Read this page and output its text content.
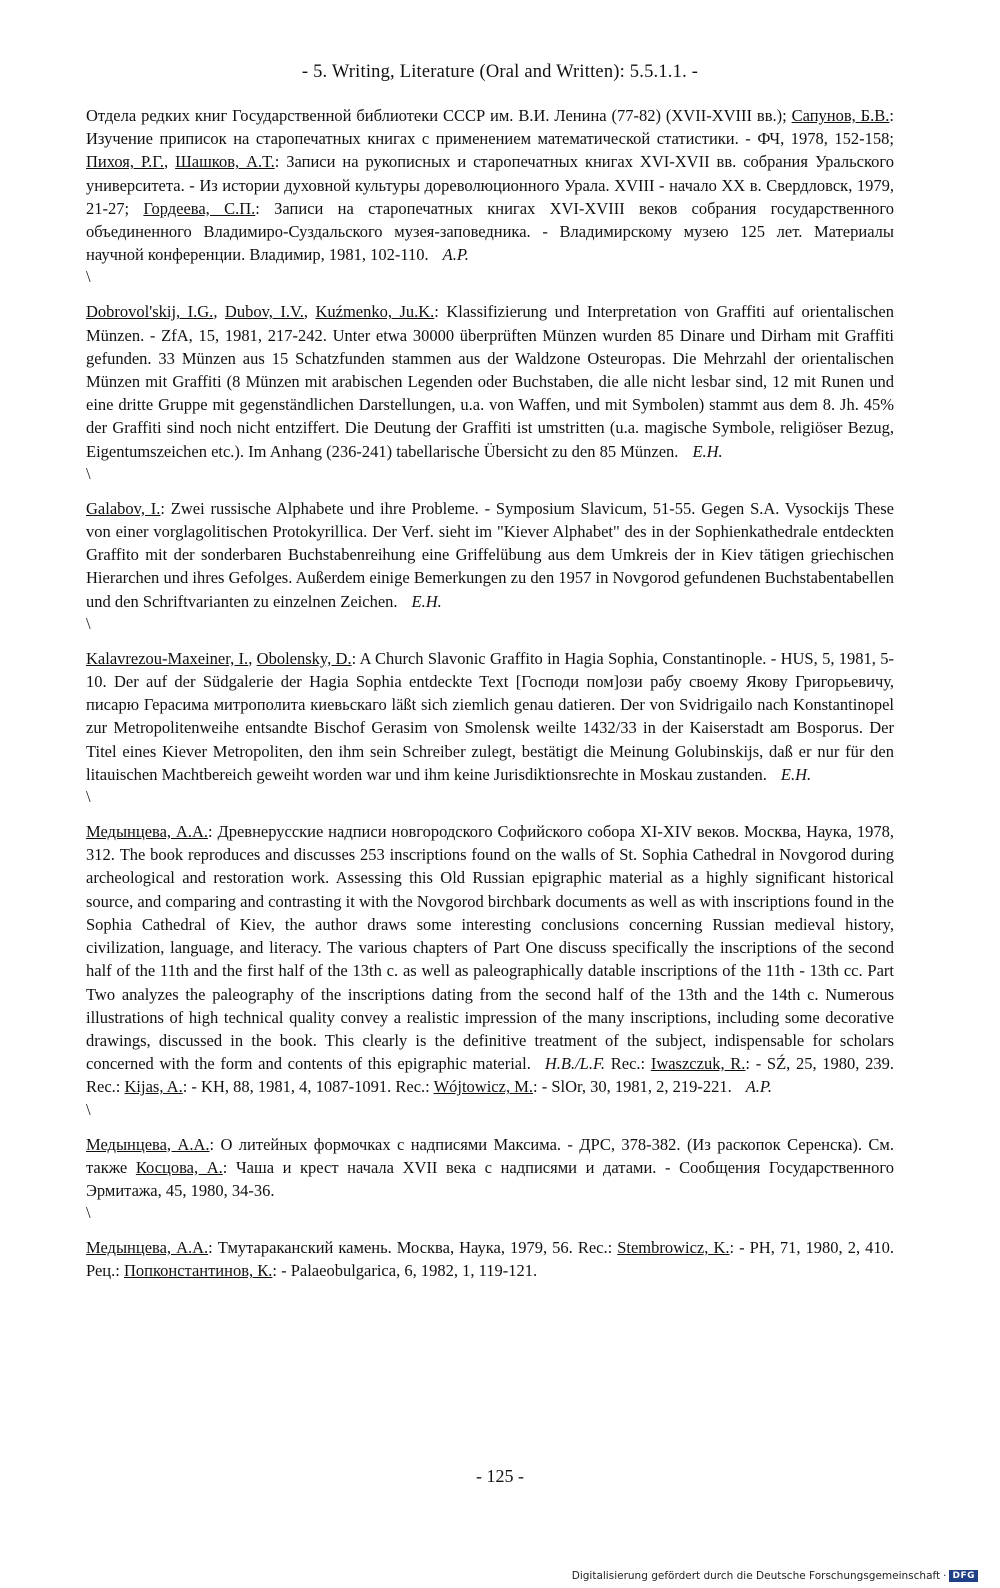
- 5. Writing, Literature (Oral and Written): 5.5.1.1. -

Отдела редких книг Государственной библиотеки СССР им. В.И. Ленина (77-82) (XVII-XVIII вв.); Сапунов, Б.В.: Изучение приписок на старопечатных книгах с применением математической статистики. - ФЧ, 1978, 152-158; Пихоя, Р.Г., Шашков, А.Т.: Записи на рукописных и старопечатных книгах XVI-XVII вв. собрания Уральского университета. - Из истории духовной культуры дореволюционного Урала. XVIII - начало XX в. Свердловск, 1979, 21-27; Гордеева, С.П.: Записи на старопечатных книгах XVI-XVIII веков собрания государственного объединенного Владимиро-Суздальского музея-заповедника. - Владимирскому музею 125 лет. Материалы научной конференции. Владимир, 1981, 102-110. A.P.

\

Dobrovol'skij, I.G., Dubov, I.V., Kuźmenko, Ju.K.: Klassifizierung und Interpretation von Graffiti auf orientalischen Münzen. - ZfA, 15, 1981, 217-242. Unter etwa 30000 überprüften Münzen wurden 85 Dinare und Dirham mit Graffiti gefunden. 33 Münzen aus 15 Schatzfunden stammen aus der Waldzone Osteuropas. Die Mehrzahl der orientalischen Münzen mit Graffiti (8 Münzen mit arabischen Legenden oder Buchstaben, die alle nicht lesbar sind, 12 mit Runen und eine dritte Gruppe mit gegenständlichen Darstellungen, u.a. von Waffen, und mit Symbolen) stammt aus dem 8. Jh. 45% der Graffiti sind noch nicht entziffert. Die Deutung der Graffiti ist umstritten (u.a. magische Symbole, religiöser Bezug, Eigentumszeichen etc.). Im Anhang (236-241) tabellarische Übersicht zu den 85 Münzen. E.H.

\

Galabov, I.: Zwei russische Alphabete und ihre Probleme. - Symposium Slavicum, 51-55. Gegen S.A. Vysockijs These von einer vorglagolitischen Protokyrillica. Der Verf. sieht im "Kiever Alphabet" des in der Sophienkathedrale entdeckten Graffito mit der sonderbaren Buchstabenreihung eine Griffelübung aus dem Umkreis der in Kiev tätigen griechischen Hierarchen und ihres Gefolges. Außerdem einige Bemerkungen zu den 1957 in Novgorod gefundenen Buchstabentabellen und den Schriftvarianten zu einzelnen Zeichen. E.H.

\

Kalavrezou-Maxeiner, I., Obolensky, D.: A Church Slavonic Graffito in Hagia Sophia, Constantinople. - HUS, 5, 1981, 5-10. Der auf der Südgalerie der Hagia Sophia entdeckte Text [Господи пом]ози рабу своему Якову Григорьевичу, писарю Герасима митрополита киевьскаго läßt sich ziemlich genau datieren. Der von Svidrigailo nach Konstantinopel zur Metropolitenweihe entsandte Bischof Gerasim von Smolensk weilte 1432/33 in der Kaiserstadt am Bosporus. Der Titel eines Kiever Metropoliten, den ihm sein Schreiber zulegt, bestätigt die Meinung Golubinskijs, daß er nur für den litauischen Machtbereich geweiht worden war und ihm keine Jurisdiktionsrechte in Moskau zustanden. E.H.

\

Медынцева, А.А.: Древнерусские надписи новгородского Софийского собора XI-XIV веков. Москва, Наука, 1978, 312. The book reproduces and discusses 253 inscriptions found on the walls of St. Sophia Cathedral in Novgorod during archeological and restoration work. Assessing this Old Russian epigraphic material as a highly significant historical source, and comparing and contrasting it with the Novgorod birchbark documents as well as with inscriptions found in the Sophia Cathedral of Kiev, the author draws some interesting conclusions concerning Russian medieval history, civilization, language, and literacy. The various chapters of Part One discuss specifically the inscriptions of the second half of the 11th and the first half of the 13th c. as well as paleographically datable inscriptions of the 11th - 13th cc. Part Two analyzes the paleography of the inscriptions dating from the second half of the 13th and the 14th c. Numerous illustrations of high technical quality convey a realistic impression of the many inscriptions, including some decorative drawings, discussed in the book. This clearly is the definitive treatment of the subject, indispensable for scholars concerned with the form and contents of this epigraphic material. H.B./L.F. Rec.: Iwaszczuk, R.: - SŹ, 25, 1980, 239. Rec.: Kijas, A.: - KH, 88, 1981, 4, 1087-1091. Rec.: Wójtowicz, M.: - SlOr, 30, 1981, 2, 219-221. A.P.

\

Медынцева, А.А.: О литейных формочках с надписями Максима. - ДРС, 378-382. (Из раскопок Серенска). См. также Косцова, А.: Чаша и крест начала XVII века с надписями и датами. - Сообщения Государственного Эрмитажа, 45, 1980, 34-36.

\

Медынцева, А.А.: Тмутараканский камень. Москва, Наука, 1979, 56. Rec.: Stembrowicz, K.: - PH, 71, 1980, 2, 410. Рец.: Попконстантинов, К.: - Palaeobulgarica, 6, 1982, 1, 119-121.

- 125 -
Digitalisierung gefördert durch die Deutsche Forschungsgemeinschaft · DFG
